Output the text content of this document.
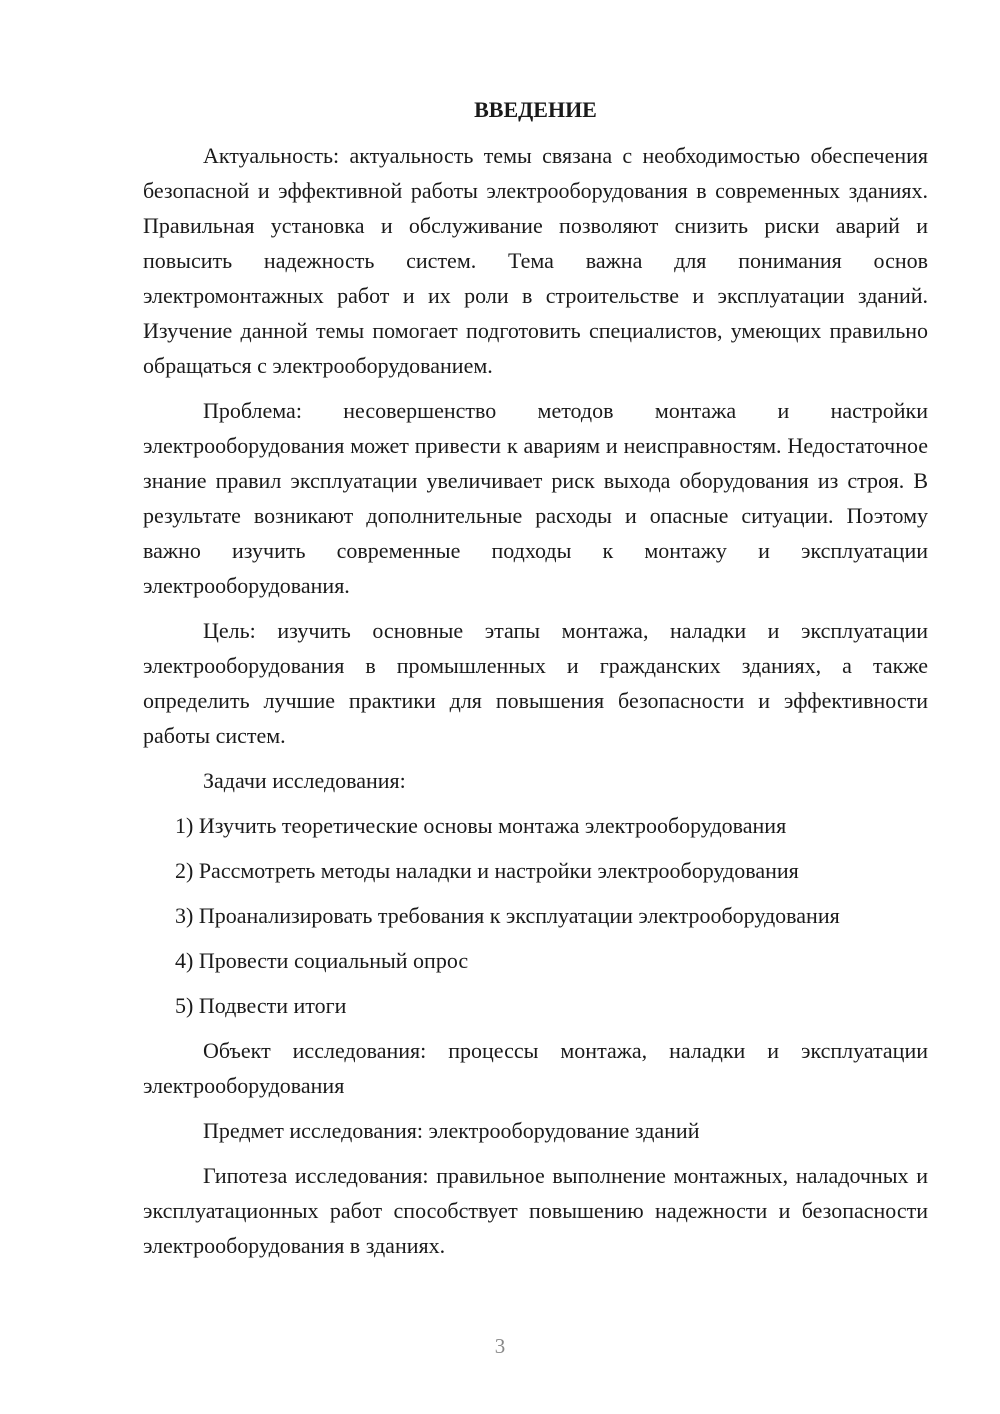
ВВЕДЕНИЕ

Актуальность: актуальность темы связана с необходимостью обеспечения безопасной и эффективной работы электрооборудования в современных зданиях. Правильная установка и обслуживание позволяют снизить риски аварий и повысить надежность систем. Тема важна для понимания основ электромонтажных работ и их роли в строительстве и эксплуатации зданий. Изучение данной темы помогает подготовить специалистов, умеющих правильно обращаться с электрооборудованием.

Проблема: несовершенство методов монтажа и настройки электрооборудования может привести к авариям и неисправностям. Недостаточное знание правил эксплуатации увеличивает риск выхода оборудования из строя. В результате возникают дополнительные расходы и опасные ситуации. Поэтому важно изучить современные подходы к монтажу и эксплуатации электрооборудования.

Цель: изучить основные этапы монтажа, наладки и эксплуатации электрооборудования в промышленных и гражданских зданиях, а также определить лучшие практики для повышения безопасности и эффективности работы систем.

Задачи исследования:

1) Изучить теоретические основы монтажа электрооборудования

2) Рассмотреть методы наладки и настройки электрооборудования

3) Проанализировать требования к эксплуатации электрооборудования

4) Провести социальный опрос

5) Подвести итоги

Объект исследования: процессы монтажа, наладки и эксплуатации электрооборудования

Предмет исследования: электрооборудование зданий

Гипотеза исследования: правильное выполнение монтажных, наладочных и эксплуатационных работ способствует повышению надежности и безопасности электрооборудования в зданиях.

3
